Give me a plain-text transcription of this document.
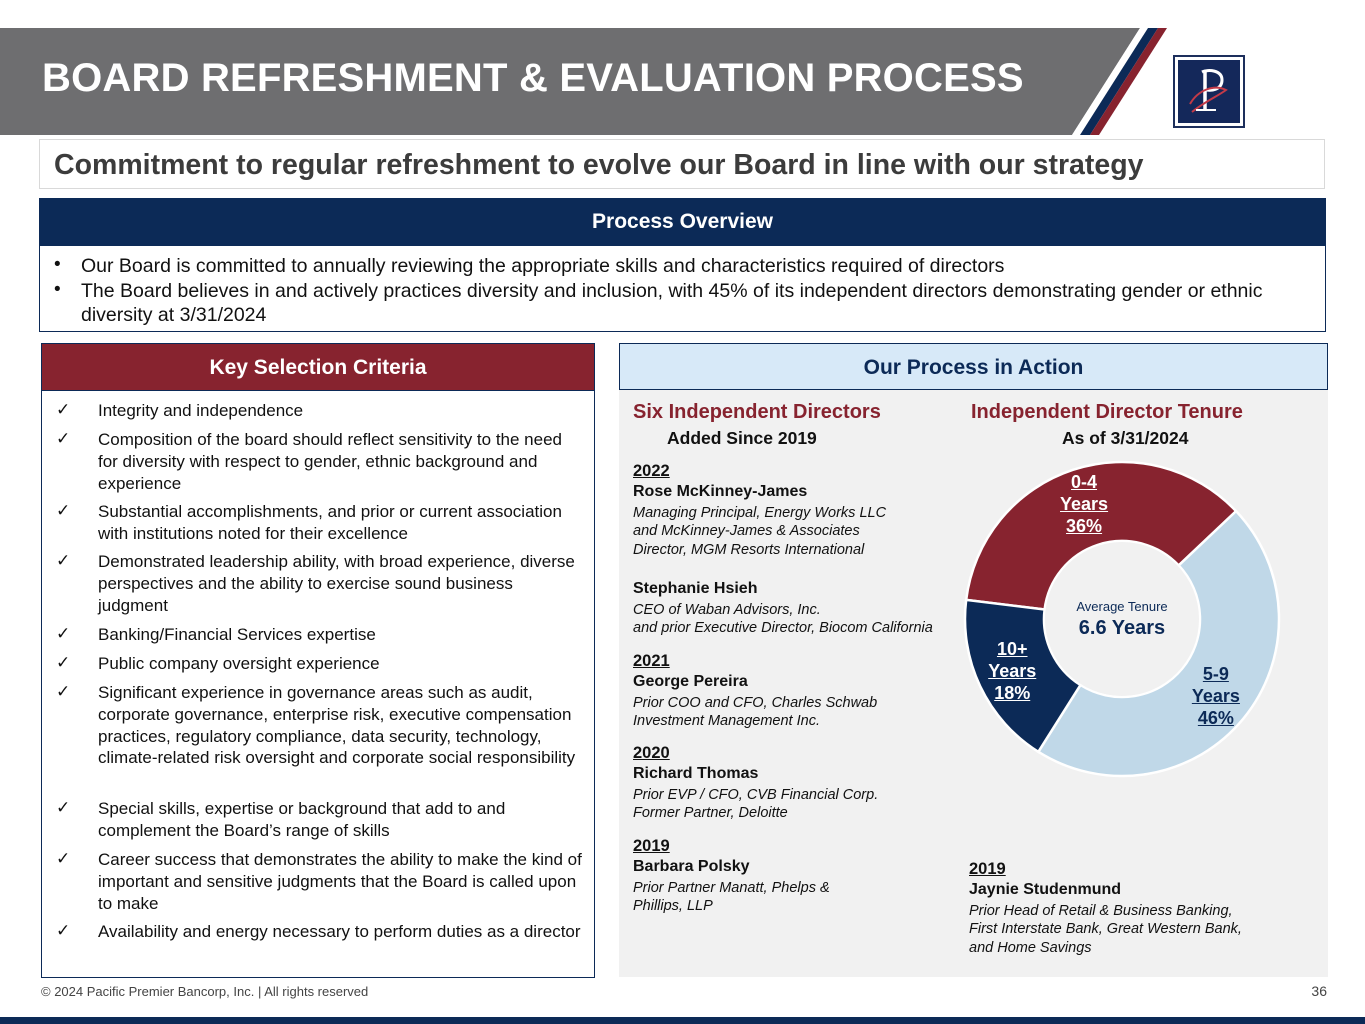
BOARD REFRESHMENT & EVALUATION PROCESS
Commitment to regular refreshment to evolve our Board in line with our strategy
Process Overview
• Our Board is committed to annually reviewing the appropriate skills and characteristics required of directors
• The Board believes in and actively practices diversity and inclusion, with 45% of its independent directors demonstrating gender or ethnic diversity at 3/31/2024
Key Selection Criteria
✓ Integrity and independence
✓ Composition of the board should reflect sensitivity to the need for diversity with respect to gender, ethnic background and experience
✓ Substantial accomplishments, and prior or current association with institutions noted for their excellence
✓ Demonstrated leadership ability, with broad experience, diverse perspectives and the ability to exercise sound business judgment
✓ Banking/Financial Services expertise
✓ Public company oversight experience
✓ Significant experience in governance areas such as audit, corporate governance, enterprise risk, executive compensation practices, regulatory compliance, data security, technology, climate-related risk oversight and corporate social responsibility
✓ Special skills, expertise or background that add to and complement the Board’s range of skills
✓ Career success that demonstrates the ability to make the kind of important and sensitive judgments that the Board is called upon to make
✓ Availability and energy necessary to perform duties as a director
Our Process in Action
Six Independent Directors
Added Since 2019
Independent Director Tenure
As of 3/31/2024
2022
Rose McKinney-James
Managing Principal, Energy Works LLC
and McKinney-James & Associates
Director, MGM Resorts International
Stephanie Hsieh
CEO of Waban Advisors, Inc.
and prior Executive Director, Biocom California
2021
George Pereira
Prior COO and CFO, Charles Schwab
Investment Management Inc.
2020
Richard Thomas
Prior EVP / CFO, CVB Financial Corp.
Former Partner, Deloitte
2019
Barbara Polsky
Prior Partner Manatt, Phelps &
Phillips, LLP
2019
Jaynie Studenmund
Prior Head of Retail & Business Banking,
First Interstate Bank, Great Western Bank,
and Home Savings
0-4
Years
36%
5-9
Years
46%
10+
Years
18%
Average Tenure
6.6 Years
© 2024 Pacific Premier Bancorp, Inc. | All rights reserved	36
